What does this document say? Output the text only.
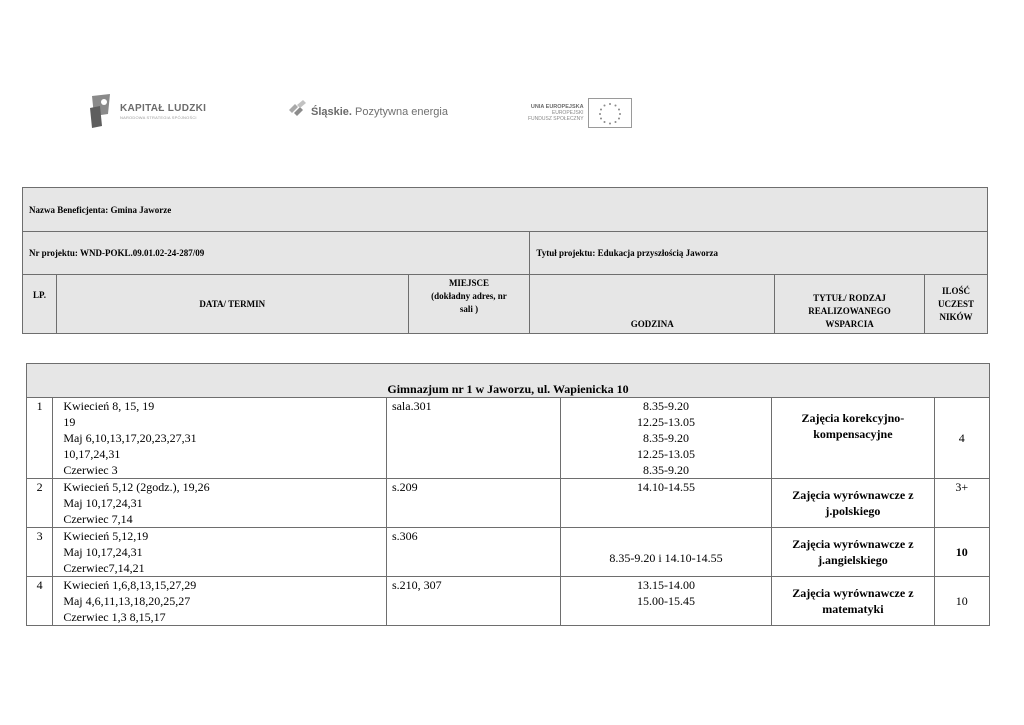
KAPITAŁ LUDZKI
NARODOWA STRATEGIA SPÓJNOŚCI	Śląskie. Pozytywna energia	UNIA EUROPEJSKA
EUROPEJSKI
FUNDUSZ SPOŁECZNY
Nazwa Beneficjenta: Gmina Jaworze					
Nr projektu: WND-POKL.09.01.02-24-287/09			Tytuł projektu: Edukacja przyszłością Jaworza		
LP.	DATA/ TERMIN	MIEJSCE
(dokładny adres, nr
sali )	GODZINA	TYTUŁ/ RODZAJ
REALIZOWANEGO
WSPARCIA	ILOŚĆ
UCZEST
NIKÓW
Gimnazjum nr 1 w Jaworzu, ul. Wapienicka 10					
1	Kwiecień 8, 15, 19
19
Maj 6,10,13,17,20,23,27,31
10,17,24,31
Czerwiec 3	sala.301	8.35-9.20
12.25-13.05
8.35-9.20
12.25-13.05
8.35-9.20	Zajęcia korekcyjno-kompensacyjne	4
2	Kwiecień 5,12 (2godz.), 19,26
Maj 10,17,24,31
Czerwiec 7,14	s.209	14.10-14.55	Zajęcia wyrównawcze z j.polskiego	3+
3	Kwiecień 5,12,19
Maj 10,17,24,31
Czerwiec7,14,21	s.306	8.35-9.20 i 14.10-14.55	Zajęcia wyrównawcze z j.angielskiego	10
4	Kwiecień 1,6,8,13,15,27,29
Maj 4,6,11,13,18,20,25,27
Czerwiec 1,3 8,15,17	s.210, 307	13.15-14.00
15.00-15.45	Zajęcia wyrównawcze z matematyki	10
